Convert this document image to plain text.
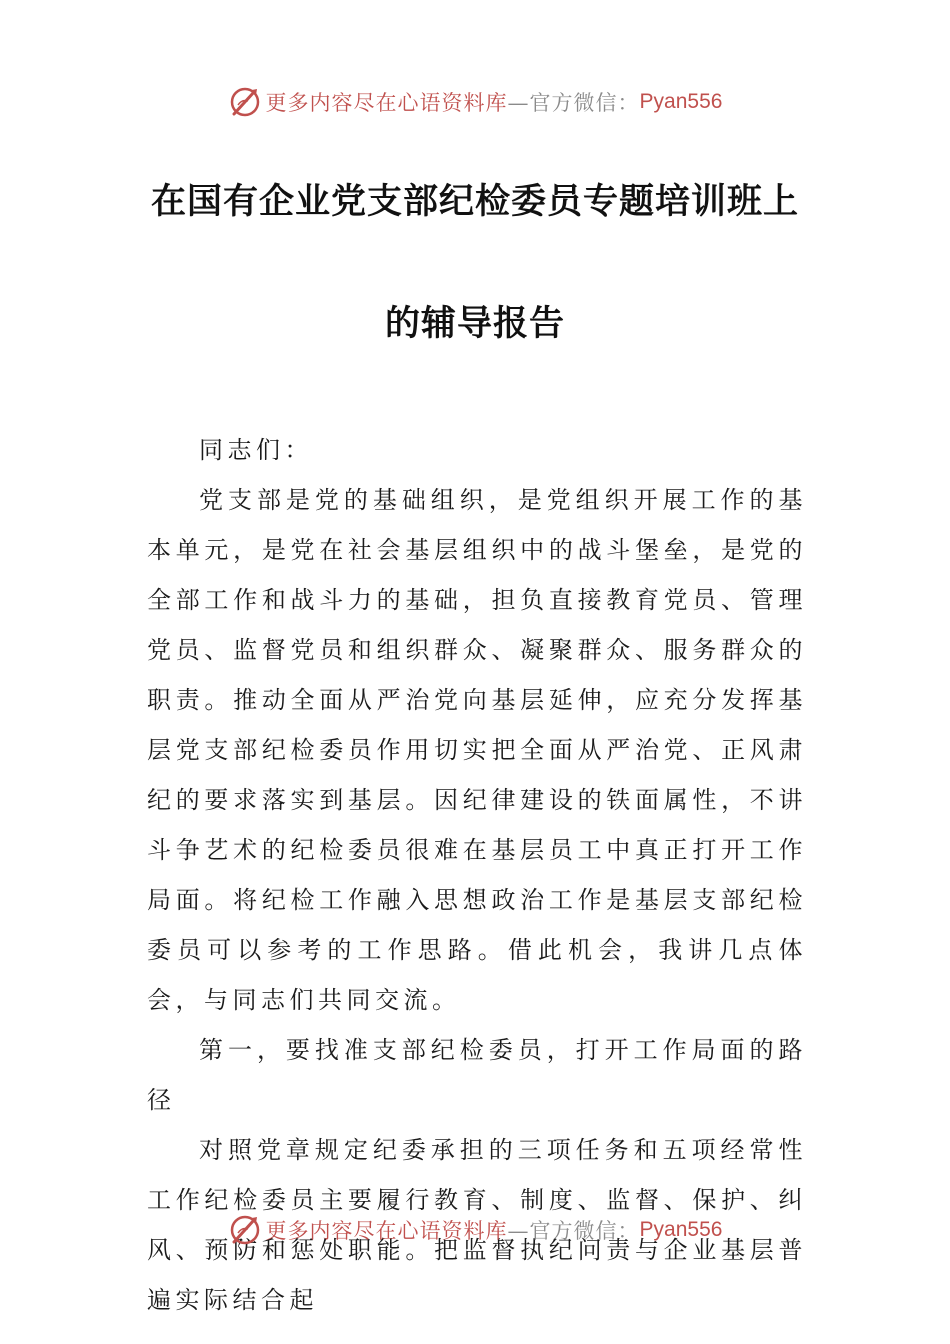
更多内容尽在心语资料库 —官方微信： Pyan556
在国有企业党支部纪检委员专题培训班上
的辅导报告

同志们：

党支部是党的基础组织，是党组织开展工作的基本单元，是党在社会基层组织中的战斗堡垒，是党的全部工作和战斗力的基础，担负直接教育党员、管理党员、监督党员和组织群众、凝聚群众、服务群众的职责。推动全面从严治党向基层延伸，应充分发挥基层党支部纪检委员作用切实把全面从严治党、正风肃纪的要求落实到基层。因纪律建设的铁面属性，不讲斗争艺术的纪检委员很难在基层员工中真正打开工作局面。将纪检工作融入思想政治工作是基层支部纪检委员可以参考的工作思路。借此机会，我讲几点体会，与同志们共同交流。

第一，要找准支部纪检委员，打开工作局面的路径

对照党章规定纪委承担的三项任务和五项经常性工作纪检委员主要履行教育、制度、监督、保护、纠风、预防和惩处职能。把监督执纪问责与企业基层普遍实际结合起

更多内容尽在心语资料库 —官方微信： Pyan556
